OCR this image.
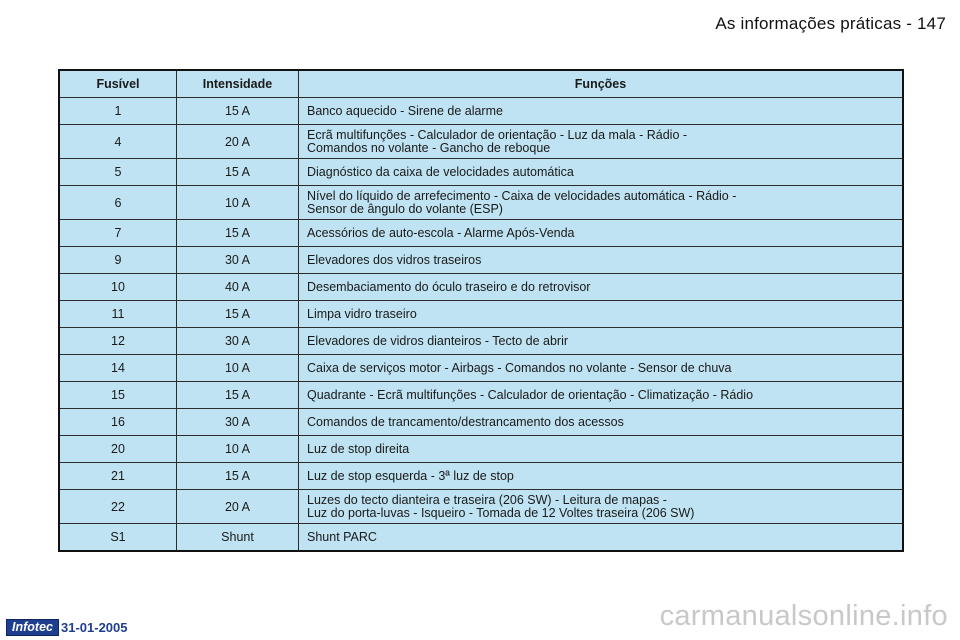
As informações práticas - 147
Fusível	Intensidade	Funções
1	15 A	Banco aquecido - Sirene de alarme
4	20 A	Ecrã multifunções - Calculador de orientação - Luz da mala - Rádio -
Comandos no volante - Gancho de reboque
5	15 A	Diagnóstico da caixa de velocidades automática
6	10 A	Nível do líquido de arrefecimento - Caixa de velocidades automática - Rádio -
Sensor de ângulo do volante (ESP)
7	15 A	Acessórios de auto-escola - Alarme Após-Venda
9	30 A	Elevadores dos vidros traseiros
10	40 A	Desembaciamento do óculo traseiro e do retrovisor
11	15 A	Limpa vidro traseiro
12	30 A	Elevadores de vidros dianteiros - Tecto de abrir
14	10 A	Caixa de serviços motor - Airbags - Comandos no volante - Sensor de chuva
15	15 A	Quadrante - Ecrã multifunções - Calculador de orientação - Climatização - Rádio
16	30 A	Comandos de trancamento/destrancamento dos acessos
20	10 A	Luz de stop direita
21	15 A	Luz de stop esquerda - 3ª luz de stop
22	20 A	Luzes do tecto dianteira e traseira (206 SW) - Leitura de mapas -
Luz do porta-luvas - Isqueiro - Tomada de 12 Voltes traseira (206 SW)
S1	Shunt	Shunt PARC
Infotec 31-01-2005	carmanualsonline.info
